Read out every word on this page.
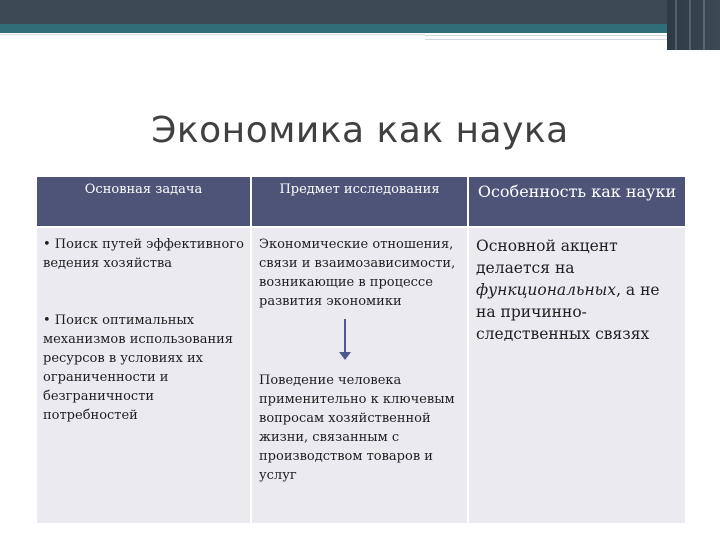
Экономика как наука
Основная задача	Предмет исследования	Особенность как науки

• Поиск путей эффективного ведения хозяйства

• Поиск оптимальных механизмов использования ресурсов в условиях их ограниченности и безграничности потребностей

Экономические отношения, связи и взаимозависимости, возникающие в процессе развития экономики

Поведение человека применительно к ключевым вопросам хозяйственной жизни, связанным с производством товаров и услуг

Основной акцент делается на функциональных, а не на причинно-следственных связях
